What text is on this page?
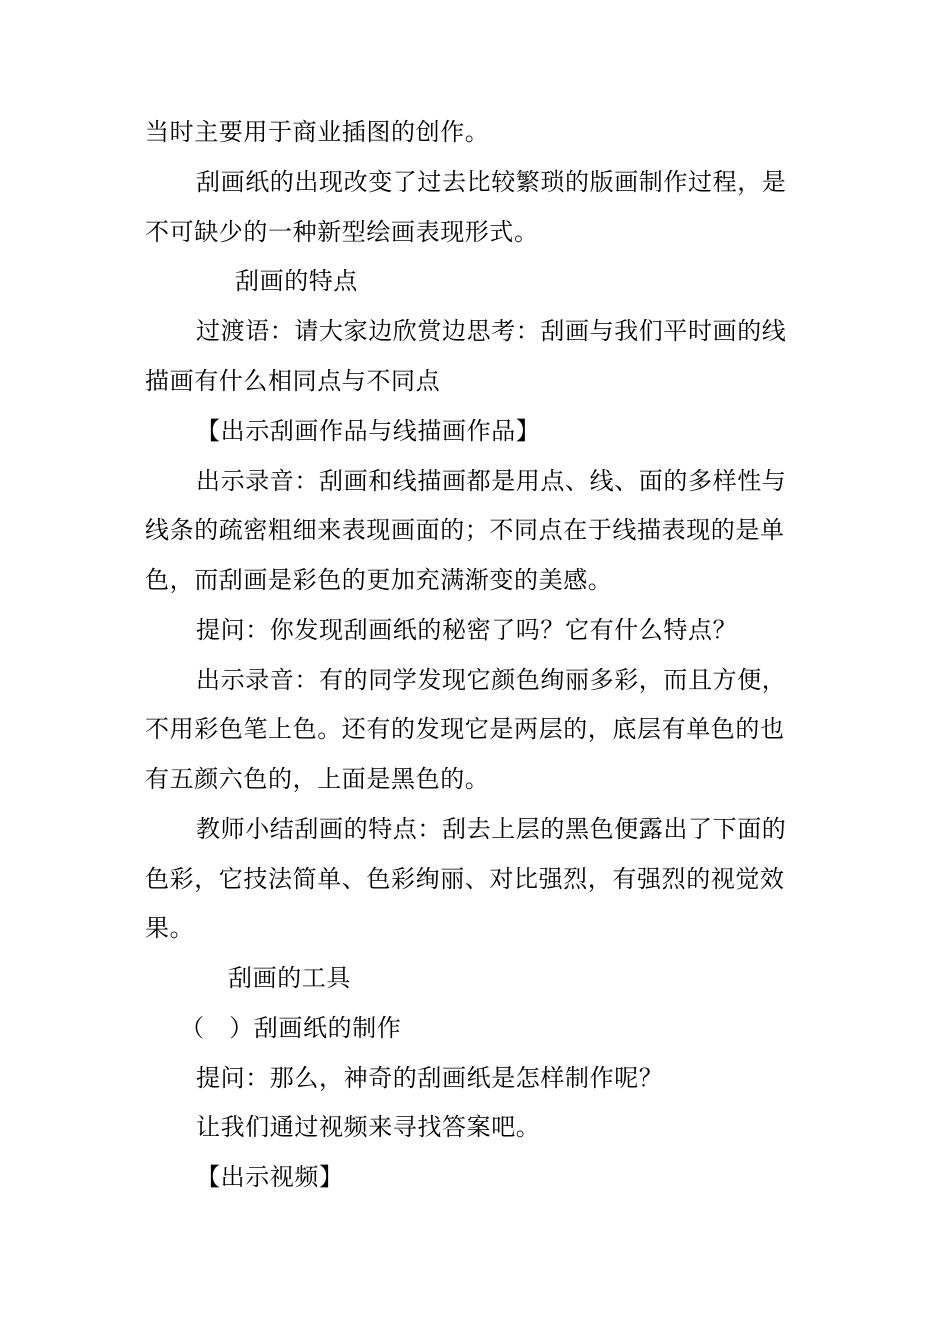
当时主要用于商业插图的创作。
刮画纸的出现改变了过去比较繁琐的版画制作过程，是
不可缺少的一种新型绘画表现形式。
刮画的特点
过渡语：请大家边欣赏边思考：刮画与我们平时画的线
描画有什么相同点与不同点
【出示刮画作品与线描画作品】
出示录音：刮画和线描画都是用点、线、面的多样性与
线条的疏密粗细来表现画面的；不同点在于线描表现的是单
色，而刮画是彩色的更加充满渐变的美感。
提问：你发现刮画纸的秘密了吗？它有什么特点？
出示录音：有的同学发现它颜色绚丽多彩，而且方便，
不用彩色笔上色。还有的发现它是两层的，底层有单色的也
有五颜六色的，上面是黑色的。
教师小结刮画的特点：刮去上层的黑色便露出了下面的
色彩，它技法简单、色彩绚丽、对比强烈，有强烈的视觉效
果。
刮画的工具
（　）刮画纸的制作
提问：那么，神奇的刮画纸是怎样制作呢？
让我们通过视频来寻找答案吧。
【出示视频】
